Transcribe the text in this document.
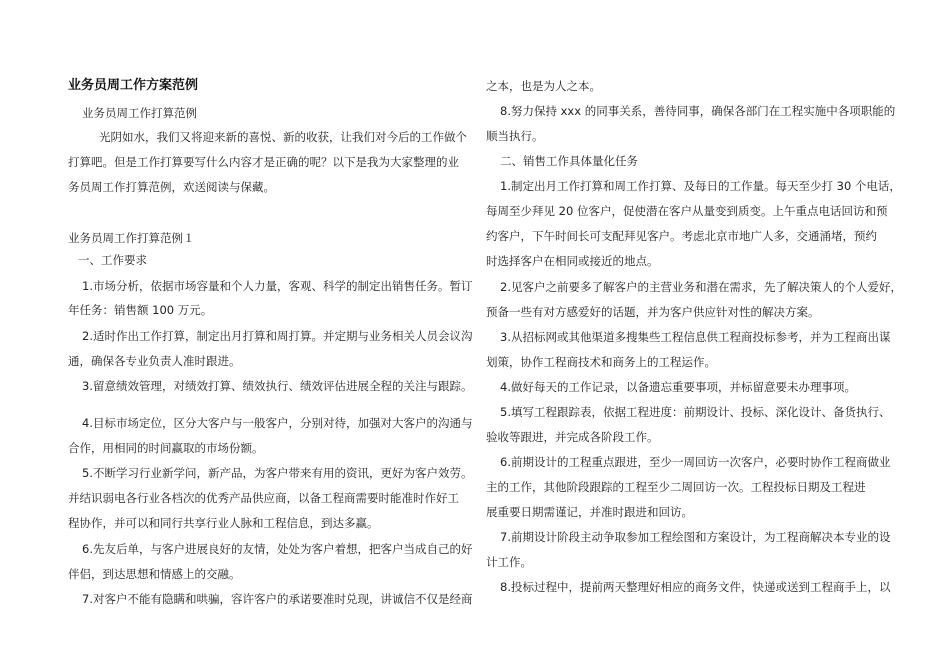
业务员周工作方案范例
业务员周工作打算范例
光阴如水，我们又将迎来新的喜悦、新的收获，让我们对今后的工作做个
打算吧。但是工作打算要写什么内容才是正确的呢？以下是我为大家整理的业
务员周工作打算范例，欢送阅读与保藏。
业务员周工作打算范例１
一、工作要求
1.市场分析，依据市场容量和个人力量，客观、科学的制定出销售任务。暂订
年任务：销售额 100 万元。
2.适时作出工作打算，制定出月打算和周打算。并定期与业务相关人员会议沟
通，确保各专业负责人准时跟进。
3.留意绩效管理，对绩效打算、绩效执行、绩效评估进展全程的关注与跟踪。
4.目标市场定位，区分大客户与一般客户，分别对待，加强对大客户的沟通与
合作，用相同的时间赢取的市场份额。
5.不断学习行业新学问，新产品，为客户带来有用的资讯，更好为客户效劳。
并结识弱电各行业各档次的优秀产品供应商，以备工程商需要时能准时作好工
程协作，并可以和同行共享行业人脉和工程信息，到达多赢。
6.先友后单，与客户进展良好的友情，处处为客户着想，把客户当成自己的好
伴侣，到达思想和情感上的交融。
7.对客户不能有隐瞒和哄骗，容许客户的承诺要准时兑现，讲诚信不仅是经商
之本，也是为人之本。
8.努力保持 xxx 的同事关系，善待同事，确保各部门在工程实施中各项职能的
顺当执行。
二、销售工作具体量化任务
1.制定出月工作打算和周工作打算、及每日的工作量。每天至少打 30 个电话，
每周至少拜见 20 位客户，促使潜在客户从量变到质变。上午重点电话回访和预
约客户，下午时间长可支配拜见客户。考虑北京市地广人多，交通涌堵，预约
时选择客户在相同或接近的地点。
2.见客户之前要多了解客户的主营业务和潜在需求，先了解决策人的个人爱好，
预备一些有对方感爱好的话题，并为客户供应针对性的解决方案。
3.从招标网或其他渠道多搜集些工程信息供工程商投标参考，并为工程商出谋
划策，协作工程商技术和商务上的工程运作。
4.做好每天的工作记录，以备遗忘重要事项，并标留意要未办理事项。
5.填写工程跟踪表，依据工程进度：前期设计、投标、深化设计、备货执行、
验收等跟进，并完成各阶段工作。
6.前期设计的工程重点跟进，至少一周回访一次客户，必要时协作工程商做业
主的工作，其他阶段跟踪的工程至少二周回访一次。工程投标日期及工程进
展重要日期需谨记，并准时跟进和回访。
7.前期设计阶段主动争取参加工程绘图和方案设计，为工程商解决本专业的设
计工作。
8.投标过程中，提前两天整理好相应的商务文件，快递或送到工程商手上，以
